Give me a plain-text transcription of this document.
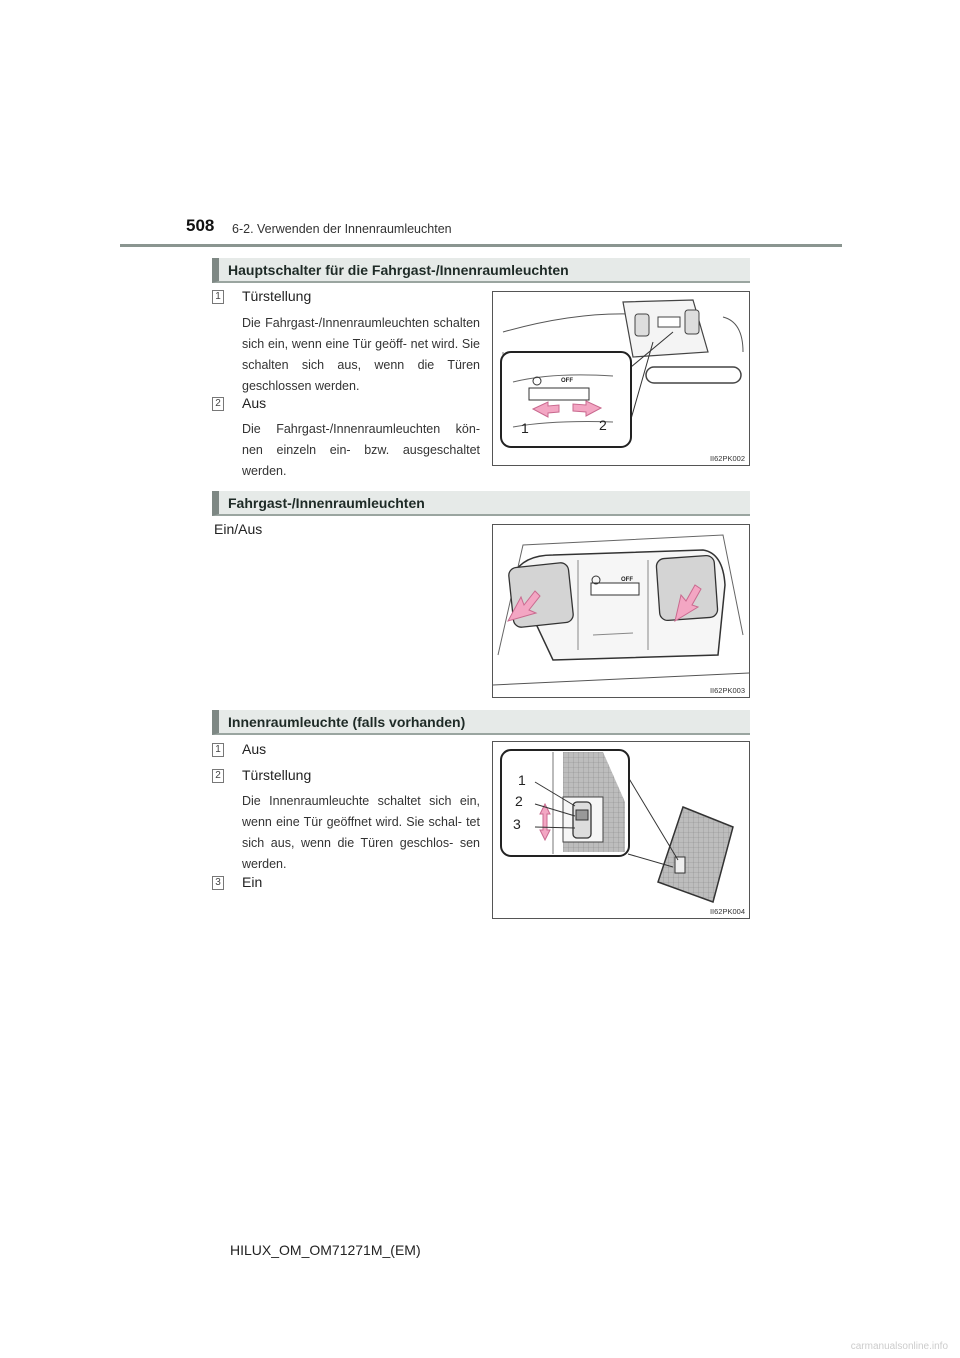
508 6-2. Verwenden der Innenraumleuchten
Hauptschalter für die Fahrgast-/Innenraumleuchten
1 Türstellung
Die Fahrgast-/Innenraumleuchten schalten sich ein, wenn eine Tür geöff- net wird. Sie schalten sich aus, wenn die Türen geschlossen werden.
2 Aus
Die Fahrgast-/Innenraumleuchten kön- nen einzeln ein- bzw. ausgeschaltet werden.
OFF
1	2
II62PK002
Fahrgast-/Innenraumleuchten
Ein/Aus
OFF
II62PK003
Innenraumleuchte (falls vorhanden)
1 Aus
2 Türstellung
Die Innenraumleuchte schaltet sich ein, wenn eine Tür geöffnet wird. Sie schal- tet sich aus, wenn die Türen geschlos- sen werden.
3 Ein
1
2
3
II62PK004
HILUX_OM_OM71271M_(EM)
carmanualsonline.info
